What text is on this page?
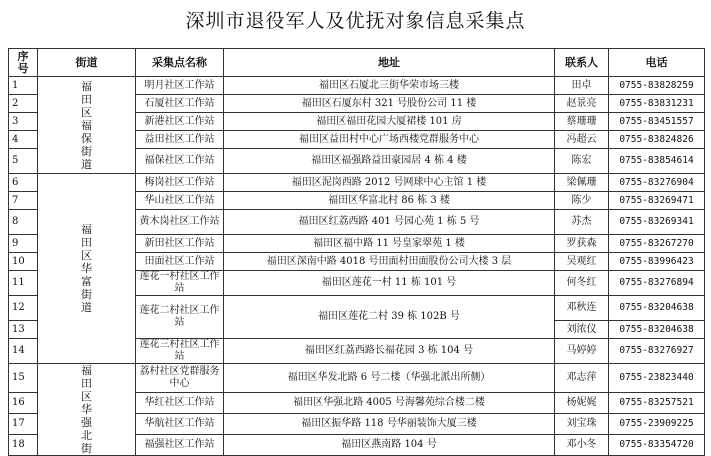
深圳市退役军人及优抚对象信息采集点
序号	街道	采集点名称	地址	联系人	电话
1	福田区福保街道	明月社区工作站	福田区石厦北三街华荣市场三楼	田卓	0755-83828259
2		石厦社区工作站	福田区石厦东村 321 号股份公司 11 楼	赵景亮	0755-83831231
3		新港社区工作站	福田区福田花园大厦裙楼 101 房	蔡珊珊	0755-83451557
4		益田社区工作站	福田区益田村中心广场西楼党群服务中心	冯超云	0755-83824826
5		福保社区工作站	福田区福强路益田豪园居 4 栋 4 楼	陈宏	0755-83854614
6	福田区华富街道	梅岗社区工作站	福田区泥岗西路 2012 号网球中心主馆 1 楼	梁佩珊	0755-83276904
7		华山社区工作站	福田区华富北村 86 栋 3 楼	陈少	0755-83269471
8		黄木岗社区工作站	福田区红荔西路 401 号园心苑 1 栋 5 号	苏杰	0755-83269341
9		新田社区工作站	福田区福中路 11 号皇家翠苑 1 楼	罗获森	0755-83267270
10		田面社区工作站	福田区深南中路 4018 号田面村田面股份公司大楼 3 层	吴观红	0755-83996423
11		莲花一村社区工作站	福田区莲花一村 11 栋 101 号	何冬红	0755-83276894
12		莲花二村社区工作站	福田区莲花二村 39 栋 102B 号	邓秋连	0755-83204638
13				刘浓仪	0755-83204638
14		莲花三村社区工作站	福田区红荔西路长福花园 3 栋 104 号	马婷婷	0755-83276927
15	福田区华强北街	荔村社区党群服务中心	福田区华发北路 6 号二楼（华强北派出所侧）	邓志萍	0755-23823440
16		华红社区工作站	福田区华强北路 4005 号海馨苑综合楼二楼	杨妮娓	0755-83257521
17		华航社区工作站	福田区振华路 118 号华丽装饰大厦三楼	刘宝珠	0755-23909225
18		福强社区工作站	福田区燕南路 104 号	邓小冬	0755-83354720
